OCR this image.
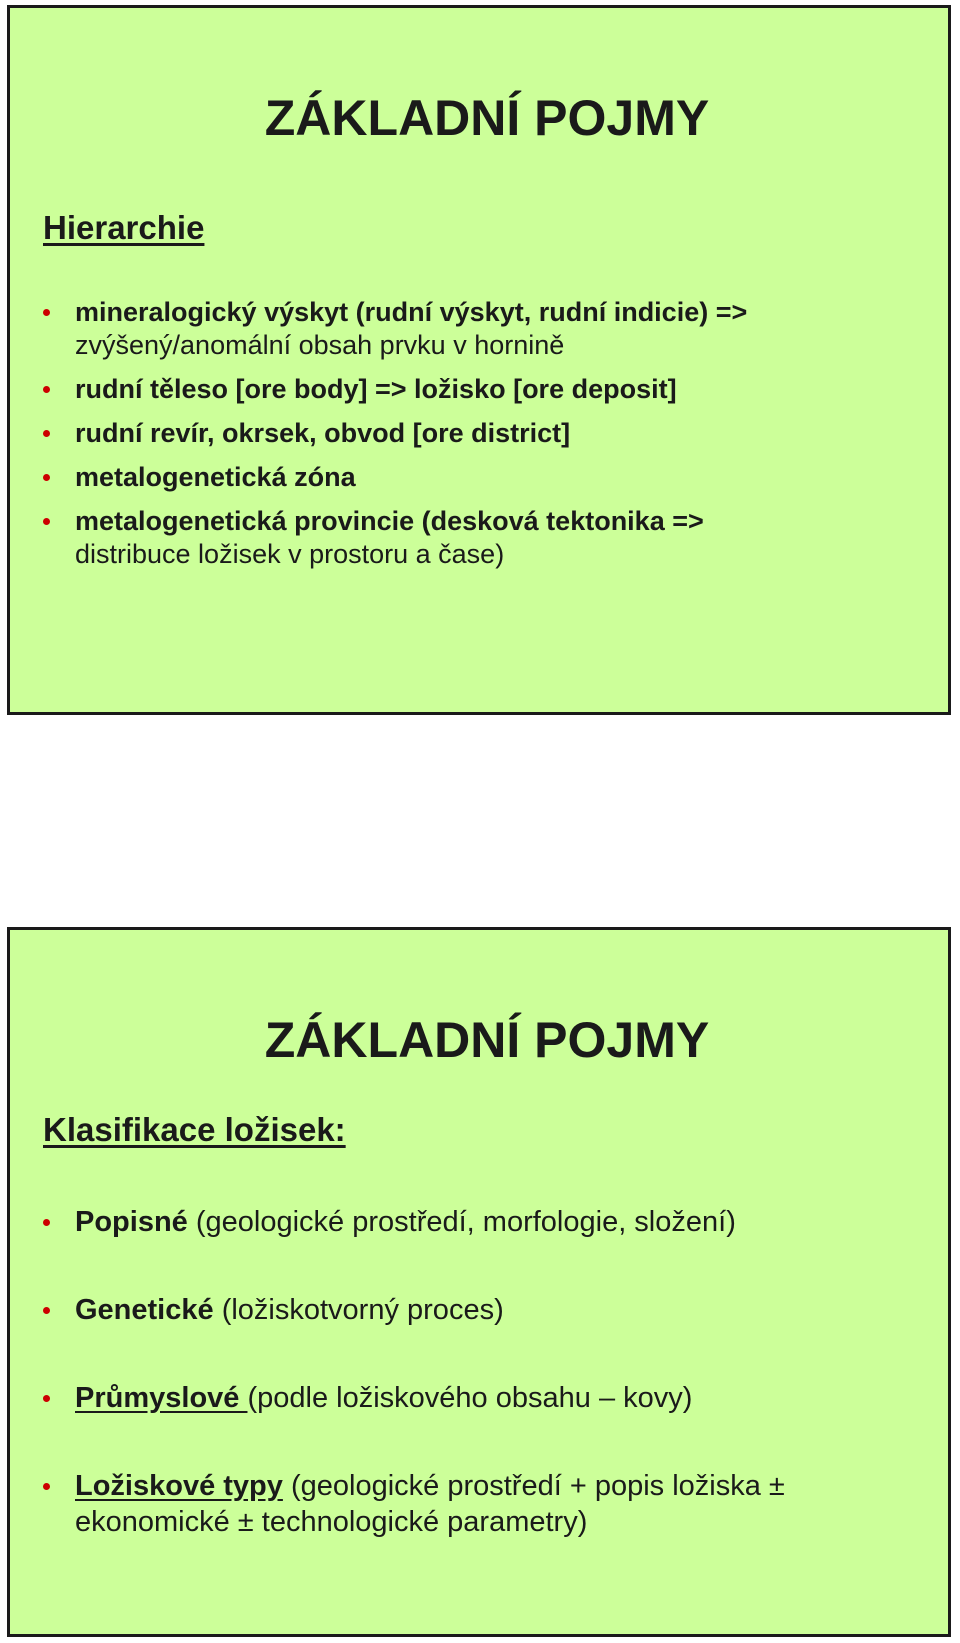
ZÁKLADNÍ POJMY
Hierarchie
mineralogický výskyt (rudní výskyt, rudní indicie) =>
zvýšený/anomální obsah prvku v hornině
rudní těleso [ore body] => ložisko [ore deposit]
rudní revír, okrsek, obvod [ore district]
metalogenetická zóna
metalogenetická provincie (desková tektonika =>
distribuce ložisek v prostoru a čase)
ZÁKLADNÍ POJMY
Klasifikace ložisek:
Popisné (geologické prostředí, morfologie, složení)
Genetické (ložiskotvorný proces)
Průmyslové (podle ložiskového obsahu – kovy)
Ložiskové typy (geologické prostředí + popis ložiska ±
ekonomické ± technologické parametry)
